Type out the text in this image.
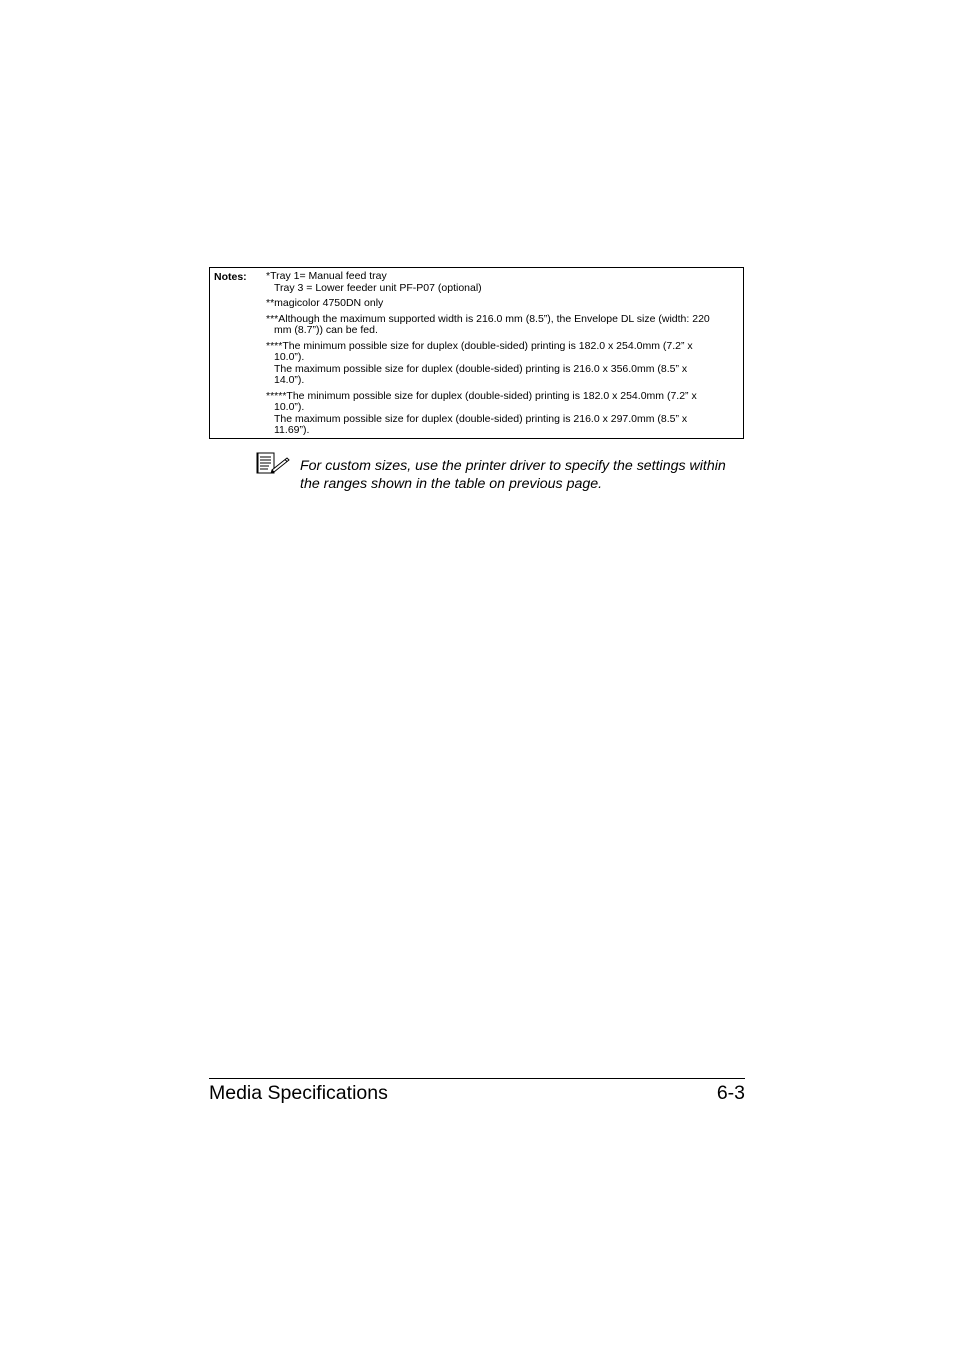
Notes: *Tray 1= Manual feed tray
Tray 3 = Lower feeder unit PF-P07 (optional)
**magicolor 4750DN only
***Although the maximum supported width is 216.0 mm (8.5”), the Envelope DL size (width: 220
mm (8.7”)) can be fed.
****The minimum possible size for duplex (double-sided) printing is 182.0 x 254.0mm (7.2” x
10.0”).
The maximum possible size for duplex (double-sided) printing is 216.0 x 356.0mm (8.5” x
14.0”).
*****The minimum possible size for duplex (double-sided) printing is 182.0 x 254.0mm (7.2” x
10.0”).
The maximum possible size for duplex (double-sided) printing is 216.0 x 297.0mm (8.5” x
11.69”).
For custom sizes, use the printer driver to specify the settings within the ranges shown in the table on previous page.
Media Specifications	6-3
